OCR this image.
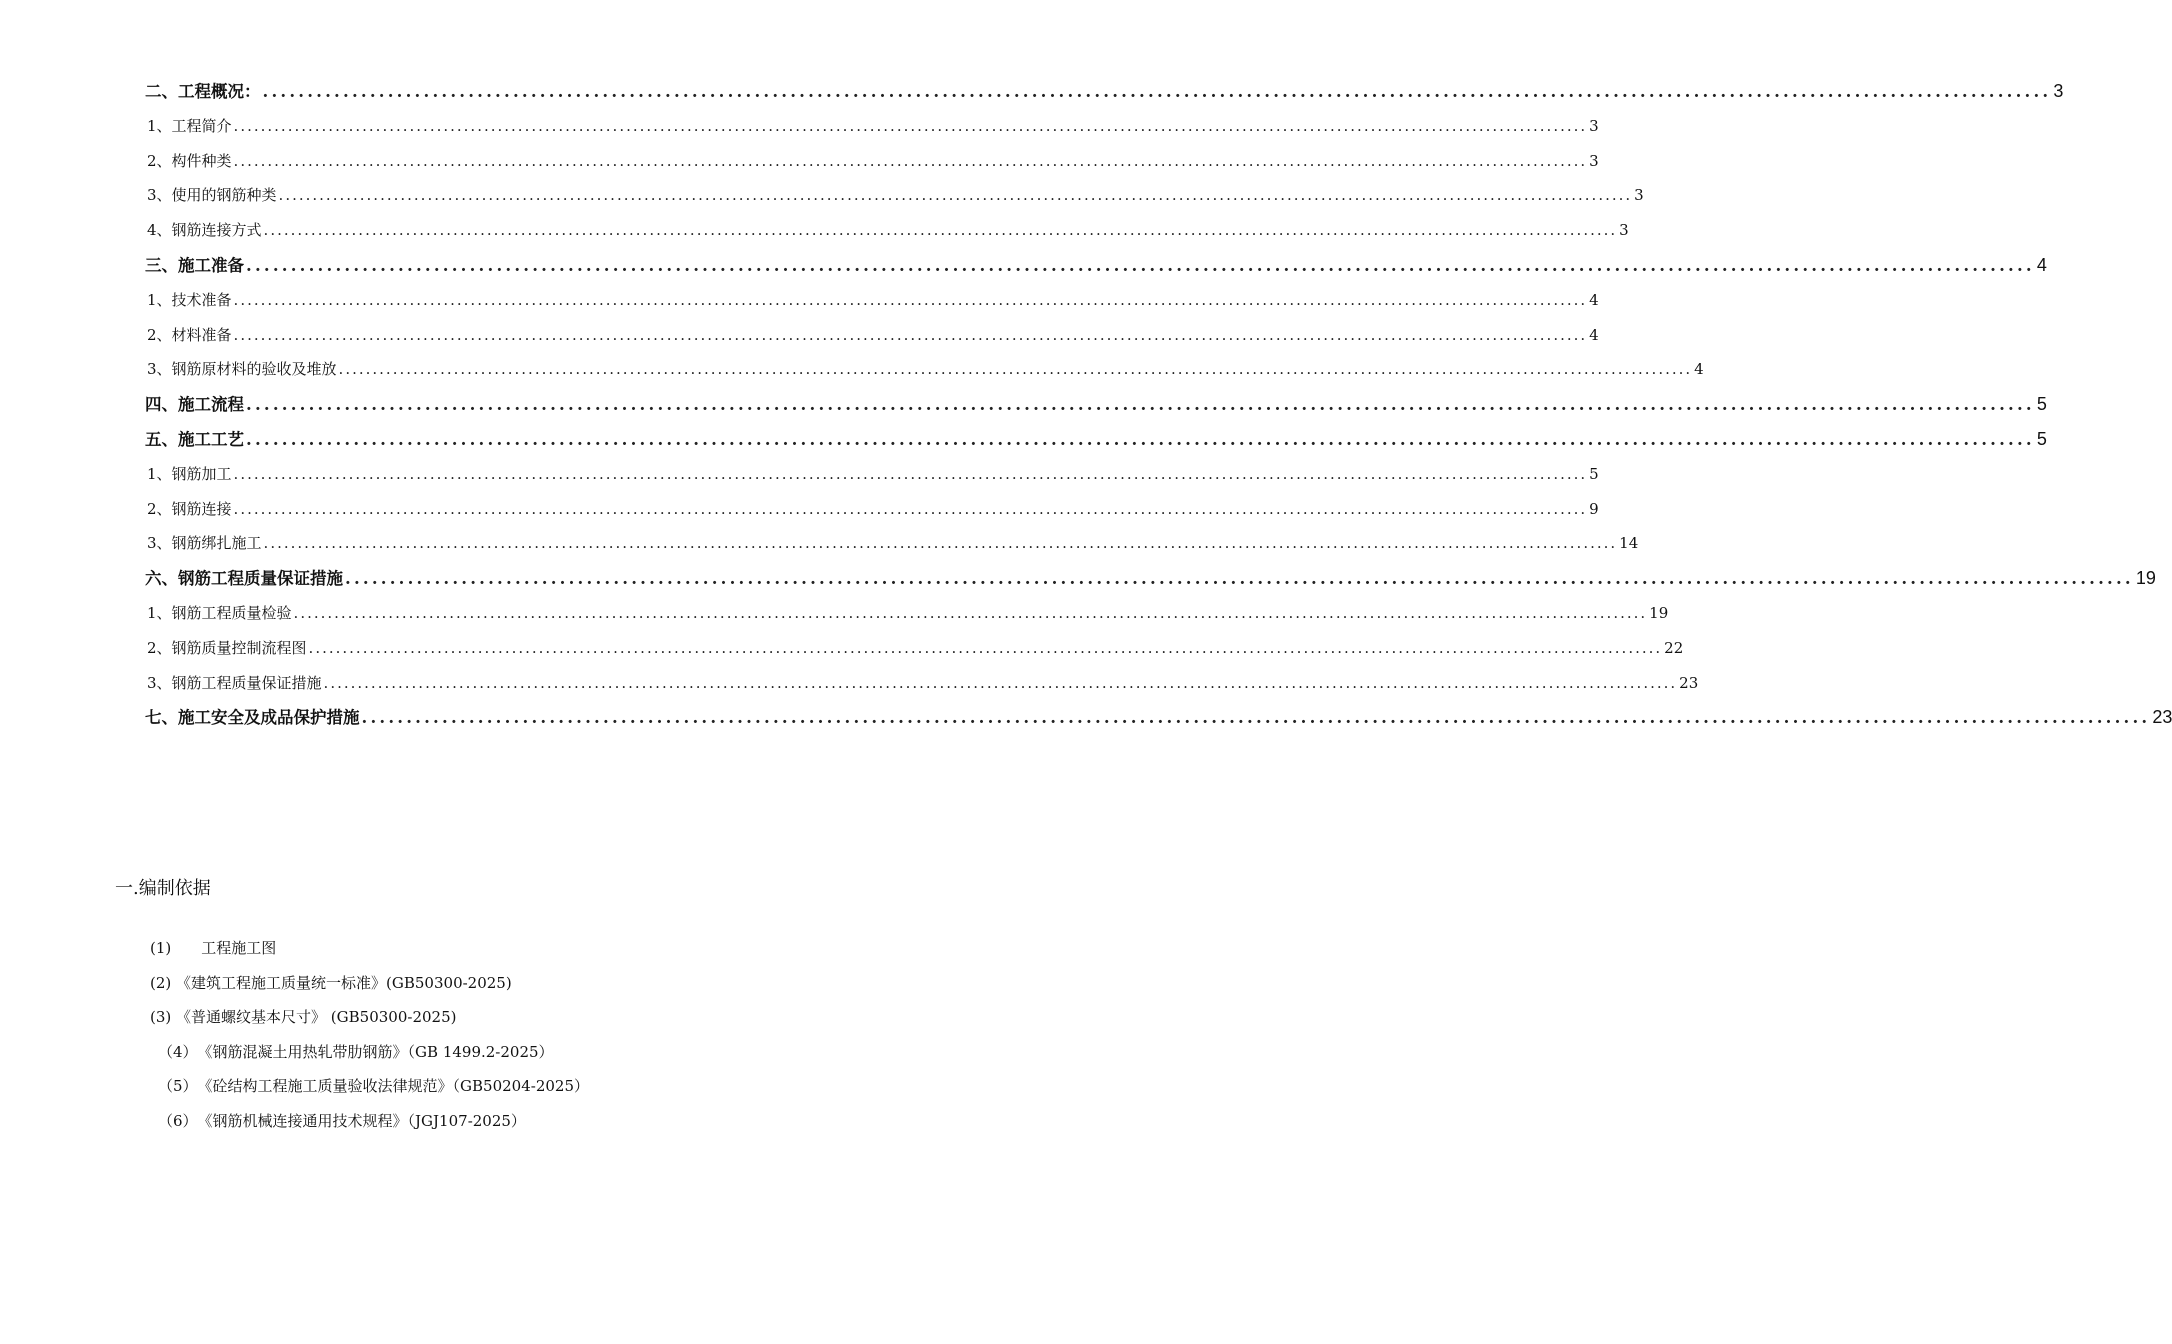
二、工程概况： ........................................................................................................................................................................................................ 3
1、工程简介 ........................................................................................................................................................................................................ 3
2、构件种类 ........................................................................................................................................................................................................ 3
3、使用的钢筋种类 ........................................................................................................................................................................................................ 3
4、钢筋连接方式 ........................................................................................................................................................................................................ 3
三、施工准备 ........................................................................................................................................................................................................ 4
1、技术准备 ........................................................................................................................................................................................................ 4
2、材料准备 ........................................................................................................................................................................................................ 4
3、钢筋原材料的验收及堆放 ........................................................................................................................................................................................................ 4
四、施工流程 ........................................................................................................................................................................................................ 5
五、施工工艺 ........................................................................................................................................................................................................ 5
1、钢筋加工 ........................................................................................................................................................................................................ 5
2、钢筋连接 ........................................................................................................................................................................................................ 9
3、钢筋绑扎施工 ........................................................................................................................................................................................................ 14
六、钢筋工程质量保证措施 ........................................................................................................................................................................................................ 19
1、钢筋工程质量检验 ........................................................................................................................................................................................................ 19
2、钢筋质量控制流程图 ........................................................................................................................................................................................................ 22
3、钢筋工程质量保证措施 ........................................................................................................................................................................................................ 23
七、施工安全及成品保护措施 ........................................................................................................................................................................................................ 23
一.编制依据
(1) 工程施工图
(2) 《建筑工程施工质量统一标准》(GB50300-2025)
(3) 《普通螺纹基本尺寸》 (GB50300-2025)
（4）《钢筋混凝土用热轧带肋钢筋》（GB 1499.2-2025）
（5）《砼结构工程施工质量验收法律规范》（GB50204-2025）
（6）《钢筋机械连接通用技术规程》（JGJ107-2025）
